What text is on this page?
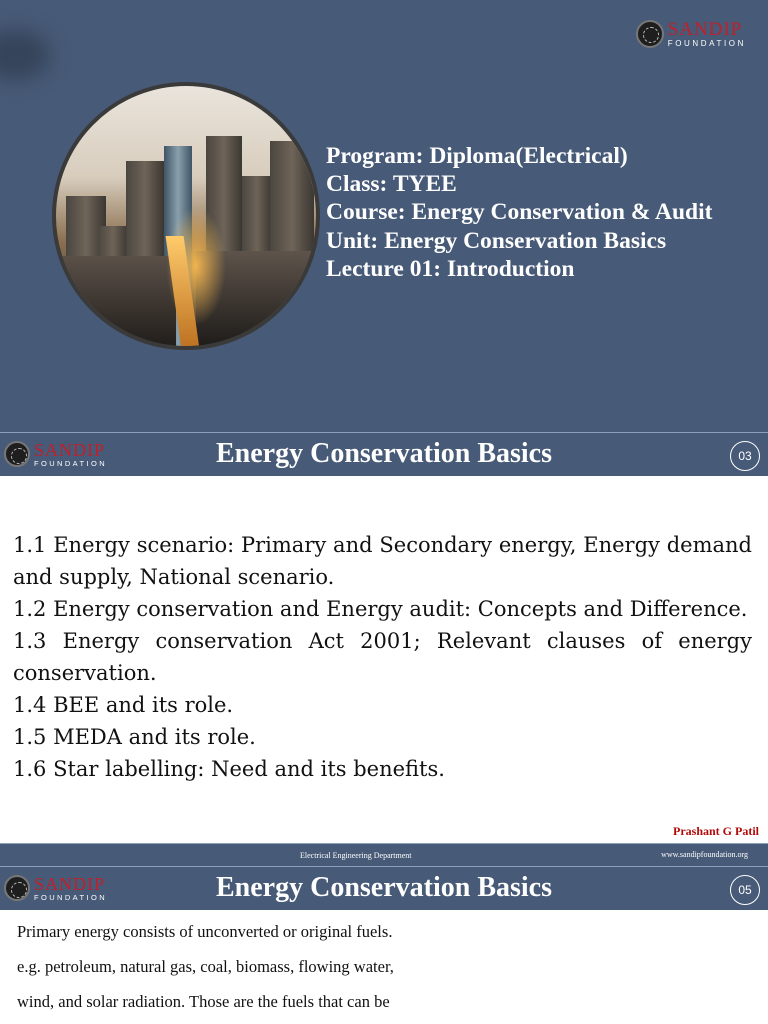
SANDIP
FOUNDATION
Program: Diploma(Electrical)
Class: TYEE
Course: Energy Conservation & Audit
Unit: Energy Conservation Basics
Lecture 01: Introduction
SANDIP
FOUNDATION	Energy Conservation Basics	03
1.1 Energy scenario: Primary and Secondary energy, Energy demand and supply, National scenario.
1.2 Energy conservation and Energy audit: Concepts and Difference.
1.3 Energy conservation Act 2001; Relevant clauses of energy conservation.
1.4 BEE and its role.
1.5 MEDA and its role.
1.6 Star labelling: Need and its benefits.
Prashant G Patil
Electrical Engineering Department	www.sandipfoundation.org
SANDIP
FOUNDATION	Energy Conservation Basics	05

Primary energy consists of unconverted or original fuels.

e.g. petroleum, natural gas, coal, biomass, flowing water,

wind, and solar radiation. Those are the fuels that can be
